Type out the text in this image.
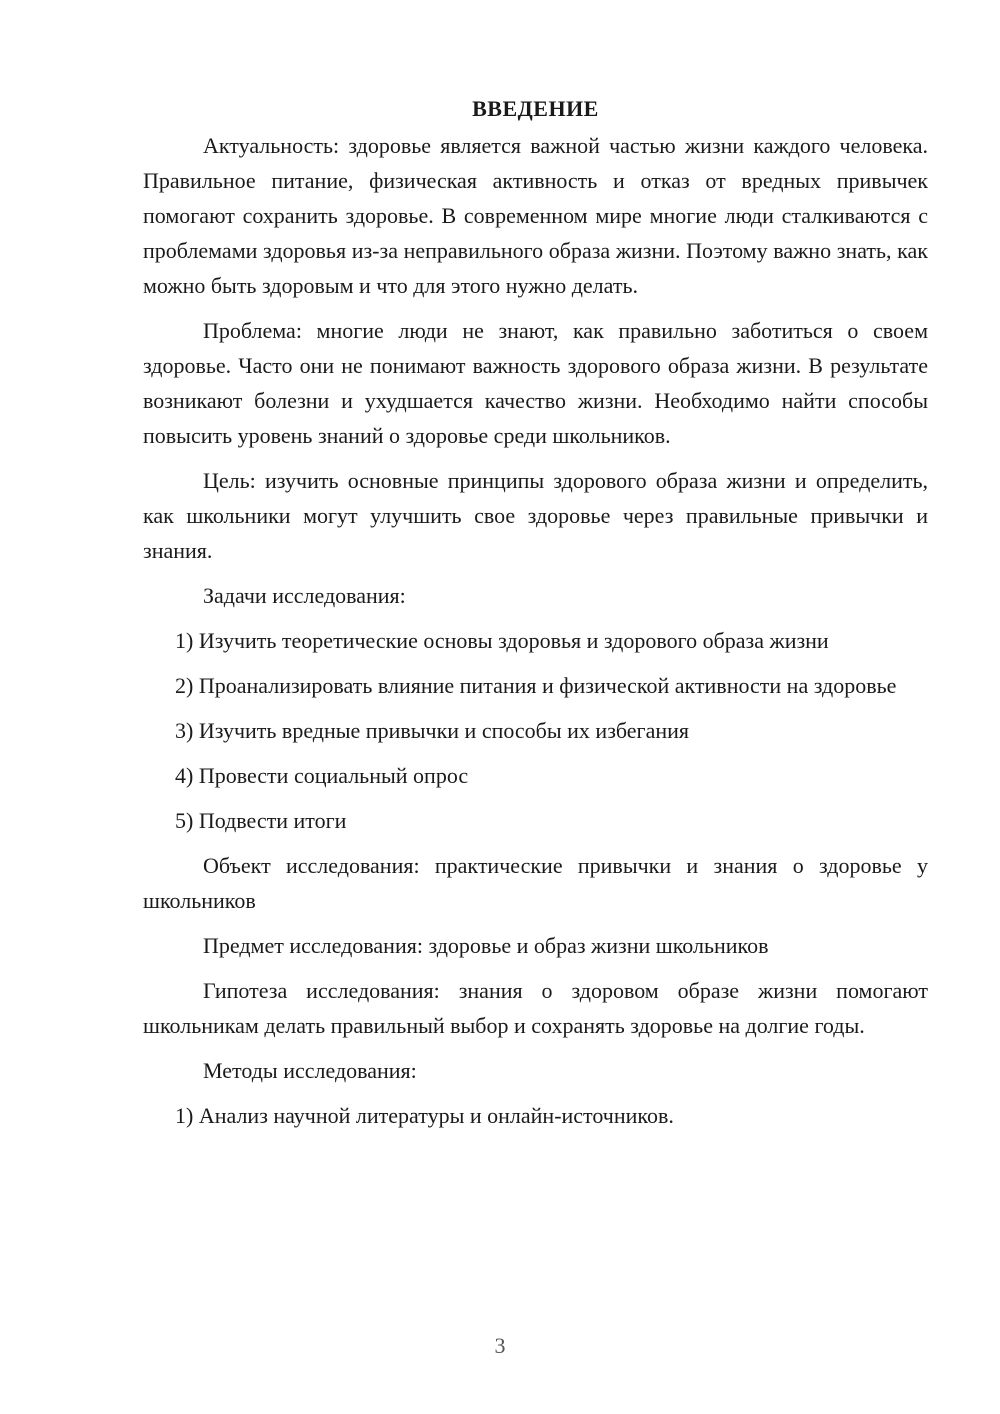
ВВЕДЕНИЕ

Актуальность: здоровье является важной частью жизни каждого человека. Правильное питание, физическая активность и отказ от вредных привычек помогают сохранить здоровье. В современном мире многие люди сталкиваются с проблемами здоровья из-за неправильного образа жизни. Поэтому важно знать, как можно быть здоровым и что для этого нужно делать.

Проблема: многие люди не знают, как правильно заботиться о своем здоровье. Часто они не понимают важность здорового образа жизни. В результате возникают болезни и ухудшается качество жизни. Необходимо найти способы повысить уровень знаний о здоровье среди школьников.

Цель: изучить основные принципы здорового образа жизни и определить, как школьники могут улучшить свое здоровье через правильные привычки и знания.

Задачи исследования:

1) Изучить теоретические основы здоровья и здорового образа жизни

2) Проанализировать влияние питания и физической активности на здоровье

3) Изучить вредные привычки и способы их избегания

4) Провести социальный опрос

5) Подвести итоги

Объект исследования: практические привычки и знания о здоровье у школьников

Предмет исследования: здоровье и образ жизни школьников

Гипотеза исследования: знания о здоровом образе жизни помогают школьникам делать правильный выбор и сохранять здоровье на долгие годы.

Методы исследования:

1) Анализ научной литературы и онлайн-источников.

3
